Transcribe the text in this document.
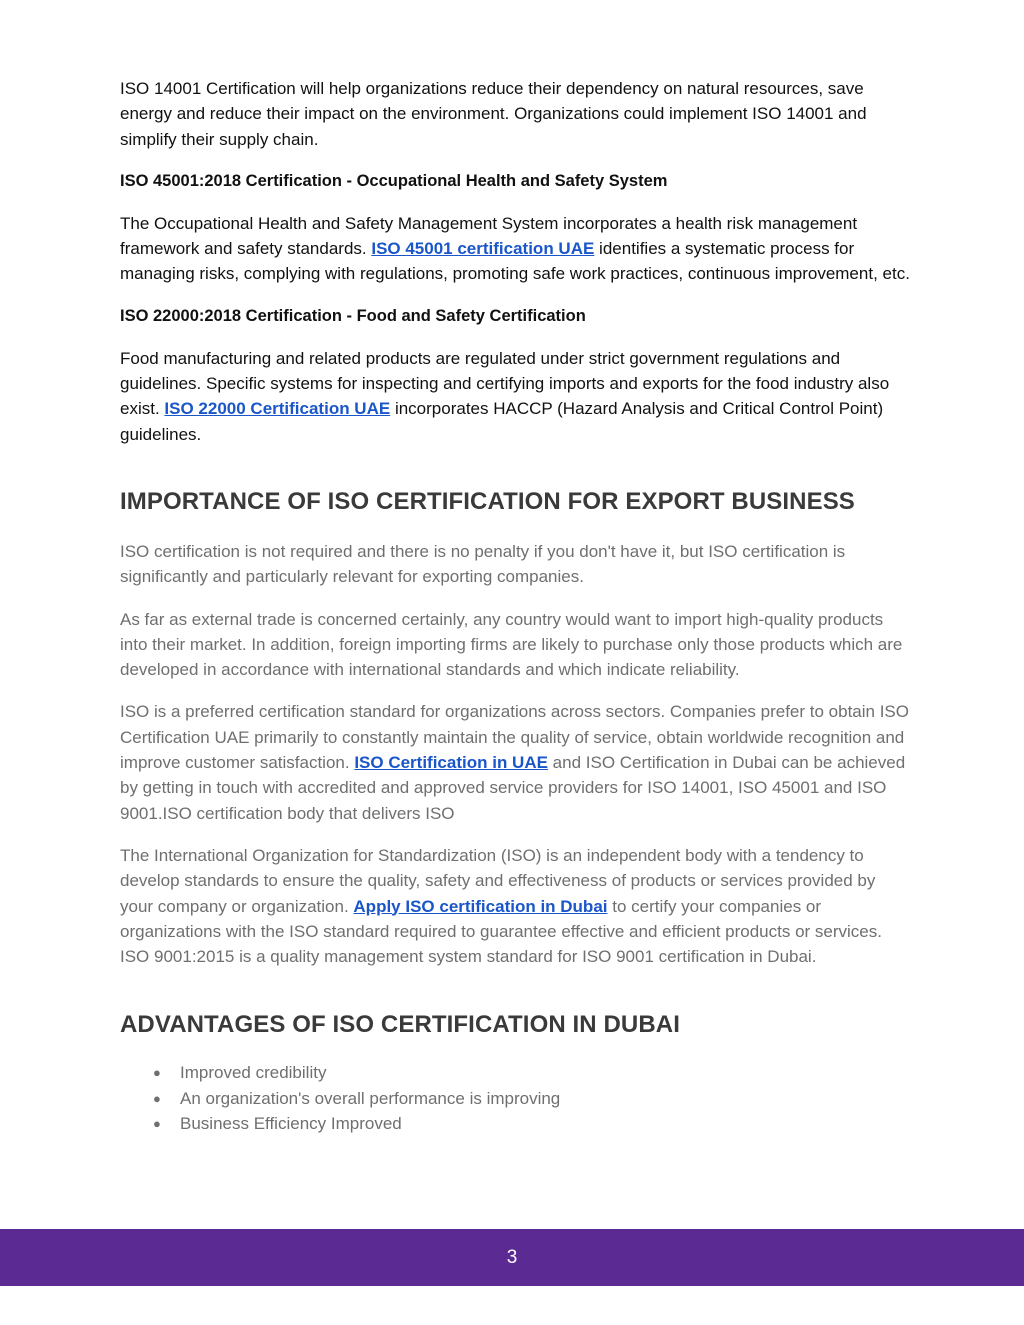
ISO 14001 Certification will help organizations reduce their dependency on natural resources, save energy and reduce their impact on the environment. Organizations could implement ISO 14001 and simplify their supply chain.

ISO 45001:2018 Certification - Occupational Health and Safety System

The Occupational Health and Safety Management System incorporates a health risk management framework and safety standards. ISO 45001 certification UAE identifies a systematic process for managing risks, complying with regulations, promoting safe work practices, continuous improvement, etc.

ISO 22000:2018 Certification - Food and Safety Certification

Food manufacturing and related products are regulated under strict government regulations and guidelines. Specific systems for inspecting and certifying imports and exports for the food industry also exist. ISO 22000 Certification UAE incorporates HACCP (Hazard Analysis and Critical Control Point) guidelines.

IMPORTANCE OF ISO CERTIFICATION FOR EXPORT BUSINESS

ISO certification is not required and there is no penalty if you don't have it, but ISO certification is significantly and particularly relevant for exporting companies.

As far as external trade is concerned certainly, any country would want to import high-quality products into their market. In addition, foreign importing firms are likely to purchase only those products which are developed in accordance with international standards and which indicate reliability.

ISO is a preferred certification standard for organizations across sectors. Companies prefer to obtain ISO Certification UAE primarily to constantly maintain the quality of service, obtain worldwide recognition and improve customer satisfaction. ISO Certification in UAE and ISO Certification in Dubai can be achieved by getting in touch with accredited and approved service providers for ISO 14001, ISO 45001 and ISO 9001.ISO certification body that delivers ISO

The International Organization for Standardization (ISO) is an independent body with a tendency to develop standards to ensure the quality, safety and effectiveness of products or services provided by your company or organization. Apply ISO certification in Dubai to certify your companies or organizations with the ISO standard required to guarantee effective and efficient products or services. ISO 9001:2015 is a quality management system standard for ISO 9001 certification in Dubai.

ADVANTAGES OF ISO CERTIFICATION IN DUBAI
● Improved credibility
● An organization's overall performance is improving
● Business Efficiency Improved
3
